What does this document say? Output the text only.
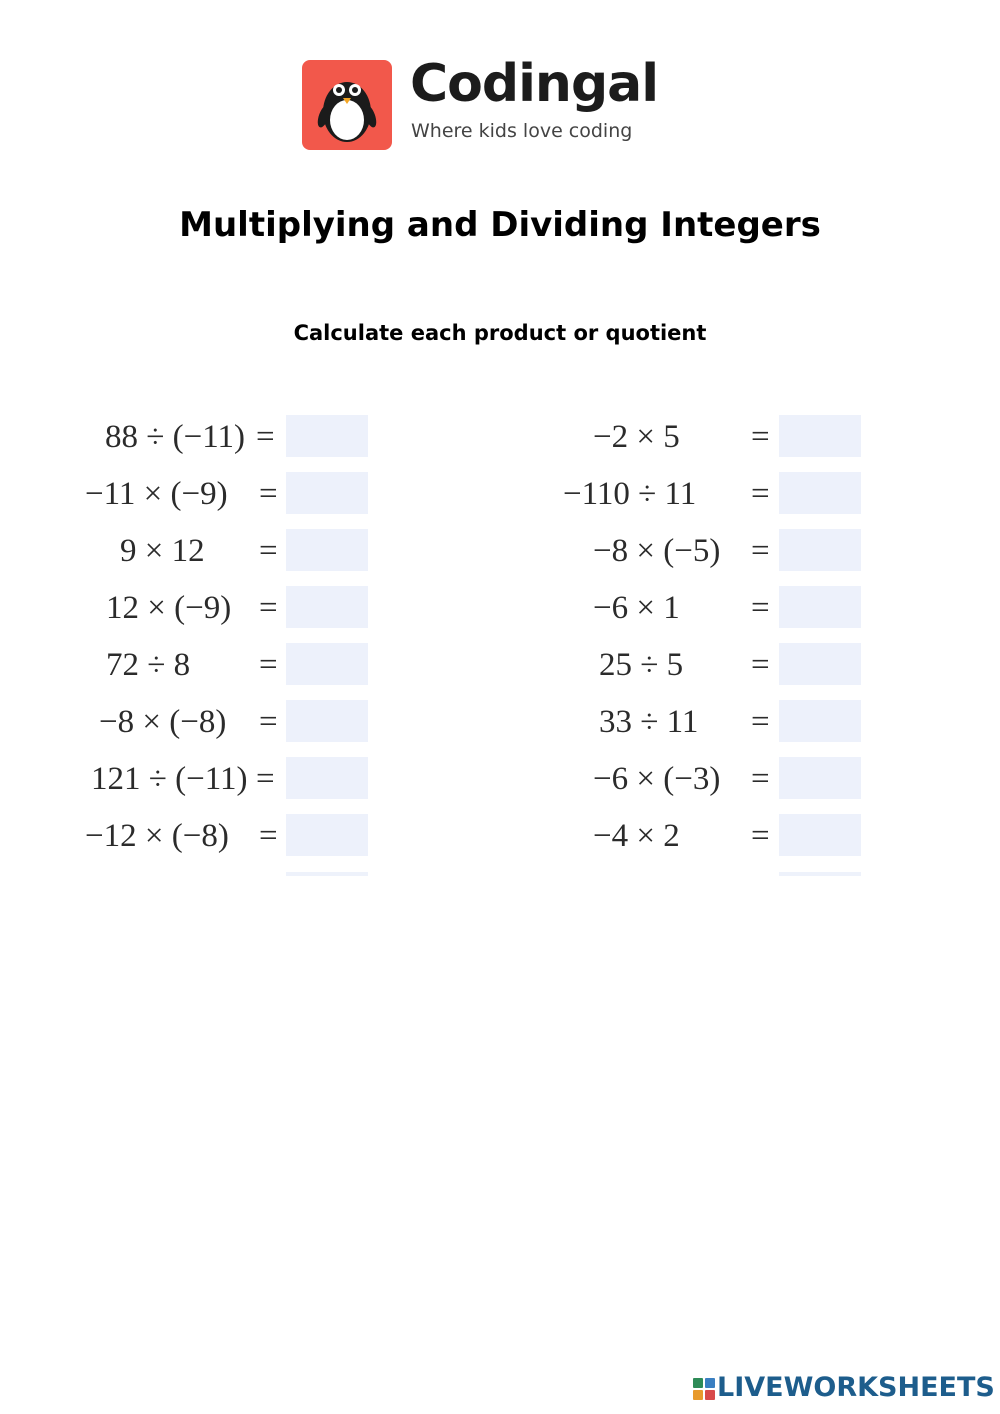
Codingal
Where kids love coding
Multiplying and Dividing Integers
Calculate each product or quotient
88 ÷ (−11) =
−11 × (−9) =
9 × 12 =
12 × (−9) =
72 ÷ 8 =
−8 × (−8) =
121 ÷ (−11) =
−12 × (−8) =
−2 × 5 =
−110 ÷ 11 =
−8 × (−5) =
−6 × 1 =
25 ÷ 5 =
33 ÷ 11 =
−6 × (−3) =
−4 × 2 =
LIVEWORKSHEETS
